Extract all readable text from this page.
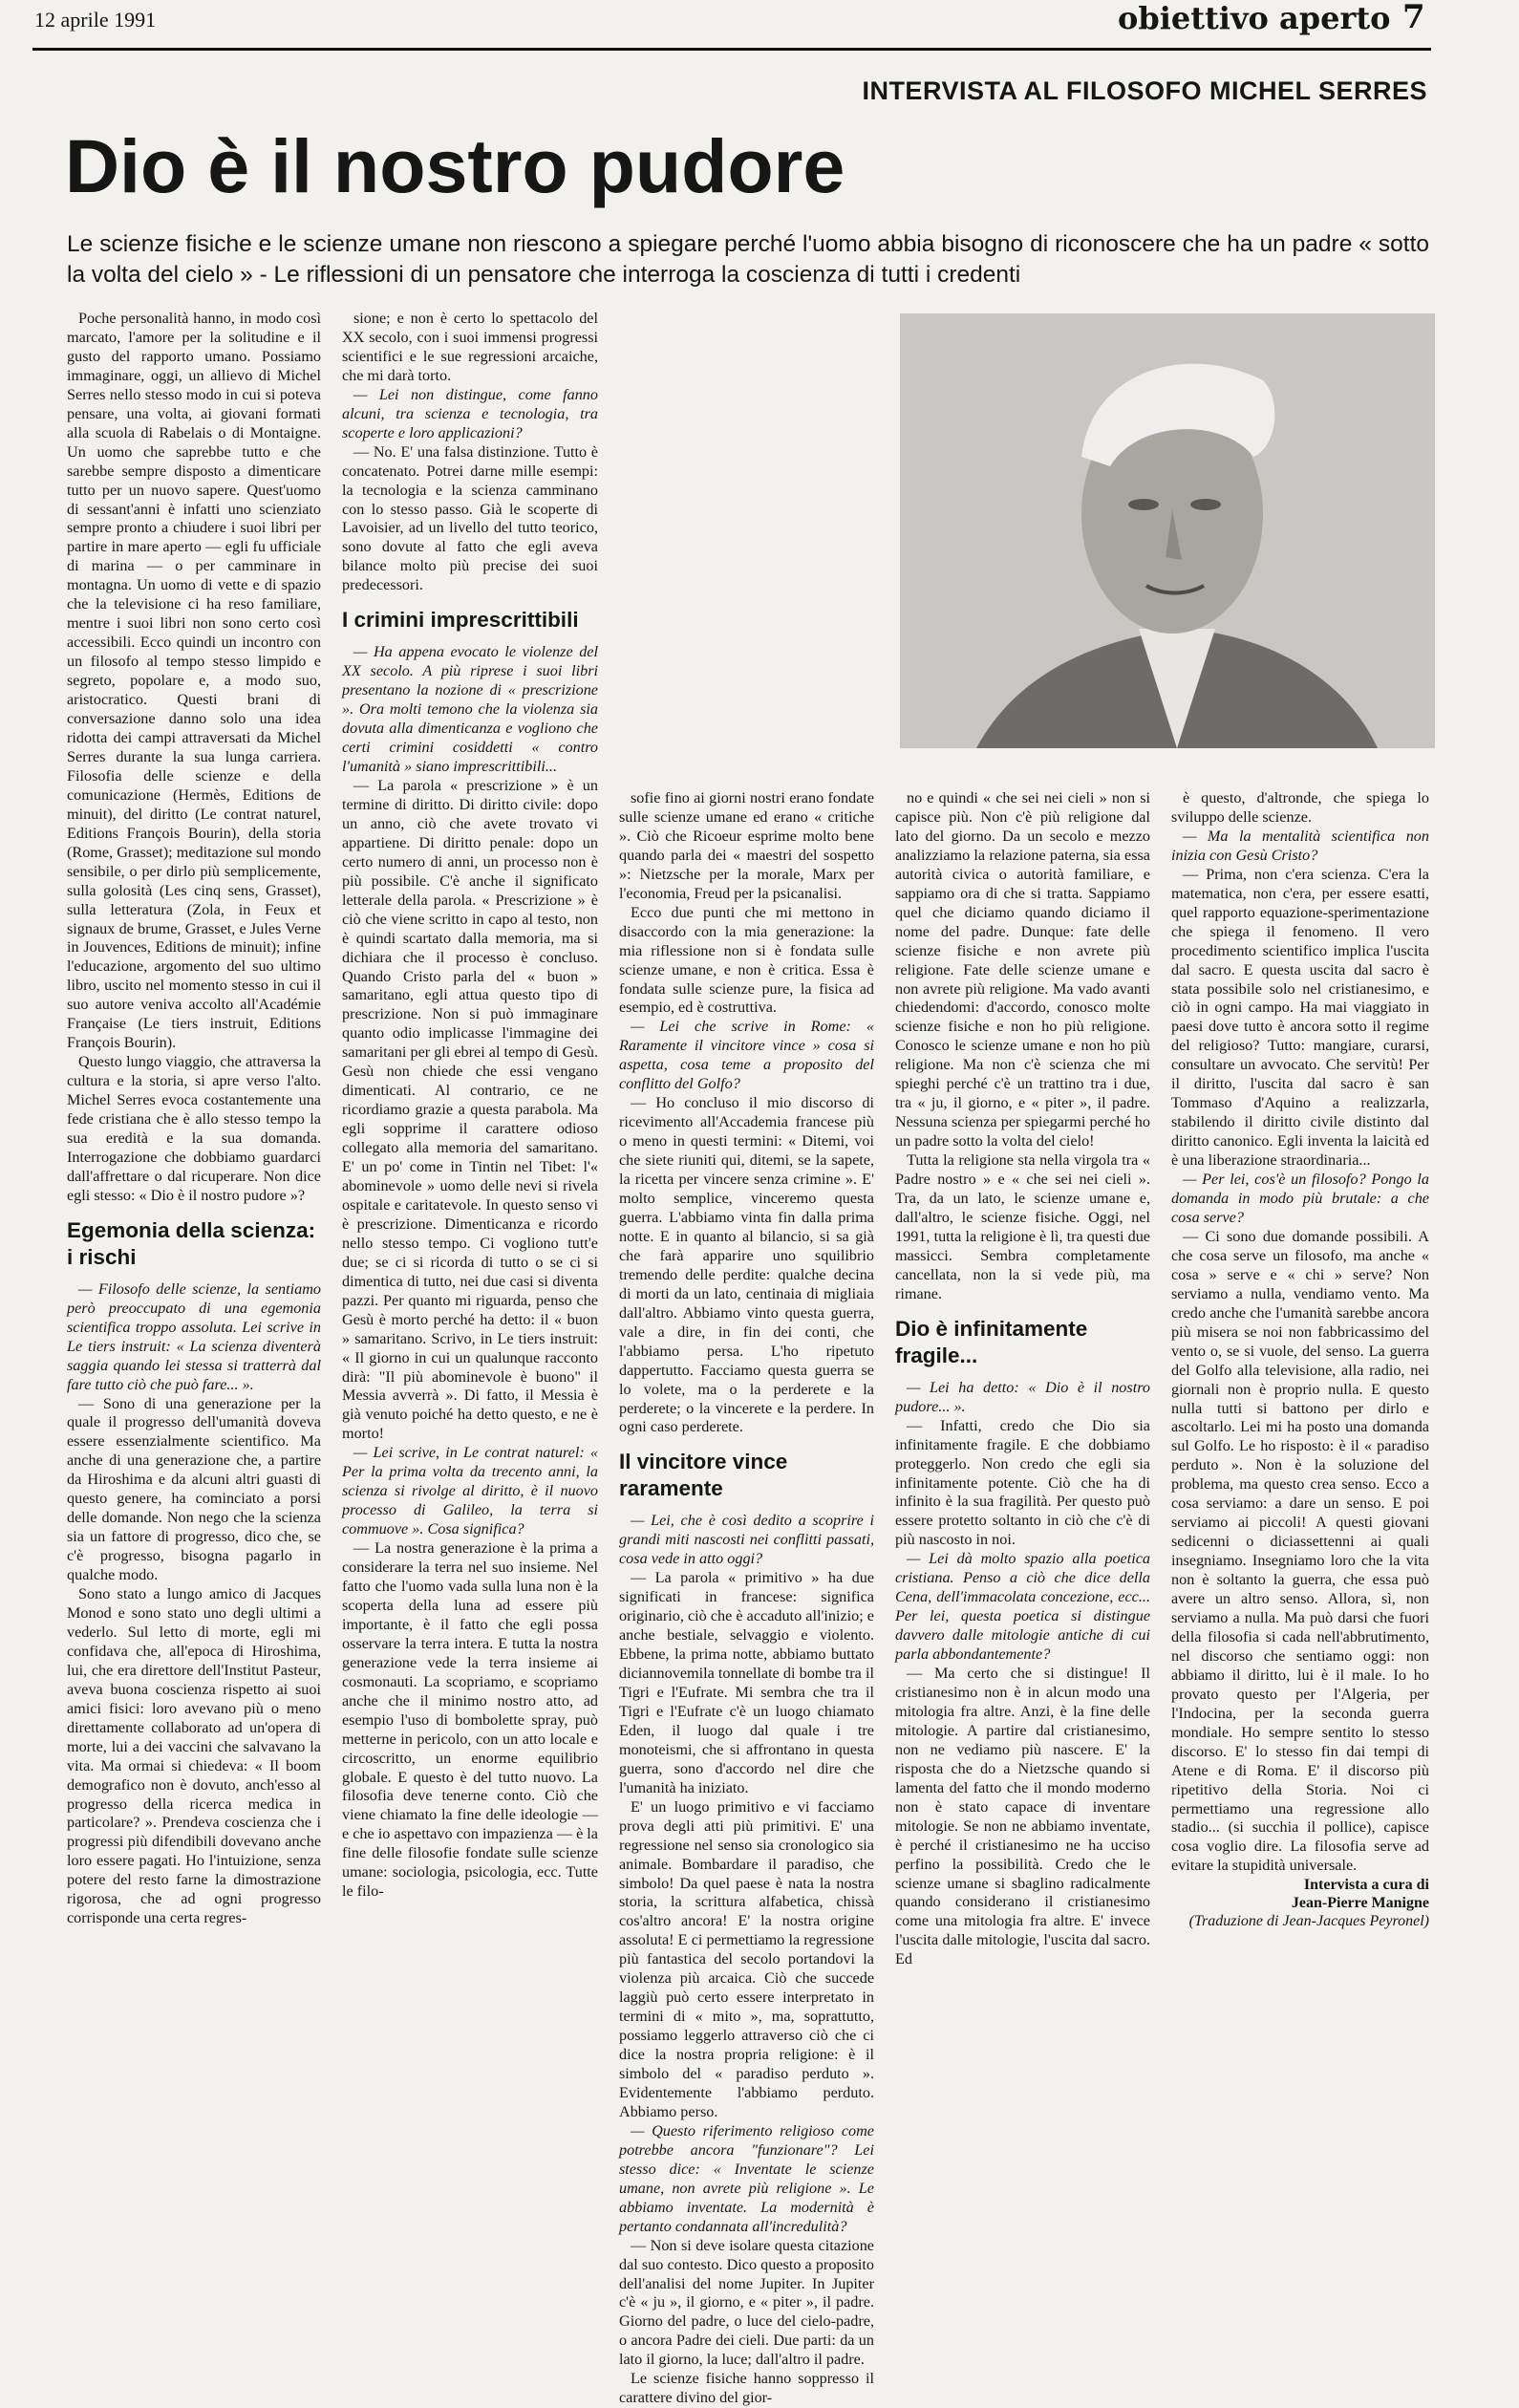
12 aprile 1991	obiettivo aperto 7
INTERVISTA AL FILOSOFO MICHEL SERRES
Dio è il nostro pudore

Le scienze fisiche e le scienze umane non riescono a spiegare perché l'uomo abbia bisogno di riconoscere che ha un padre « sotto la volta del cielo » - Le riflessioni di un pensatore che interroga la coscienza di tutti i credenti

Poche personalità hanno, in modo così marcato, l'amore per la solitudine e il gusto del rapporto umano. Possiamo immaginare, oggi, un allievo di Michel Serres nello stesso modo in cui si poteva pensare, una volta, ai giovani formati alla scuola di Rabelais o di Montaigne. Un uomo che saprebbe tutto e che sarebbe sempre disposto a dimenticare tutto per un nuovo sapere. Quest'uomo di sessant'anni è infatti uno scienziato sempre pronto a chiudere i suoi libri per partire in mare aperto — egli fu ufficiale di marina — o per camminare in montagna. Un uomo di vette e di spazio che la televisione ci ha reso familiare, mentre i suoi libri non sono certo così accessibili. Ecco quindi un incontro con un filosofo al tempo stesso limpido e segreto, popolare e, a modo suo, aristocratico. Questi brani di conversazione danno solo una idea ridotta dei campi attraversati da Michel Serres durante la sua lunga carriera. Filosofia delle scienze e della comunicazione (Hermès, Editions de minuit), del diritto (Le contrat naturel, Editions François Bourin), della storia (Rome, Grasset); meditazione sul mondo sensibile, o per dirlo più semplicemente, sulla golosità (Les cinq sens, Grasset), sulla letteratura (Zola, in Feux et signaux de brume, Grasset, e Jules Verne in Jouvences, Editions de minuit); infine l'educazione, argomento del suo ultimo libro, uscito nel momento stesso in cui il suo autore veniva accolto all'Académie Française (Le tiers instruit, Editions François Bourin).

Questo lungo viaggio, che attraversa la cultura e la storia, si apre verso l'alto. Michel Serres evoca costantemente una fede cristiana che è allo stesso tempo la sua eredità e la sua domanda. Interrogazione che dobbiamo guardarci dall'affrettare o dal ricuperare. Non dice egli stesso: « Dio è il nostro pudore »?

Egemonia della scienza: i rischi

— Filosofo delle scienze, la sentiamo però preoccupato di una egemonia scientifica troppo assoluta. Lei scrive in Le tiers instruit: « La scienza diventerà saggia quando lei stessa si tratterrà dal fare tutto ciò che può fare... ».

— Sono di una generazione per la quale il progresso dell'umanità doveva essere essenzialmente scientifico. Ma anche di una generazione che, a partire da Hiroshima e da alcuni altri guasti di questo genere, ha cominciato a porsi delle domande. Non nego che la scienza sia un fattore di progresso, dico che, se c'è progresso, bisogna pagarlo in qualche modo.

Sono stato a lungo amico di Jacques Monod e sono stato uno degli ultimi a vederlo. Sul letto di morte, egli mi confidava che, all'epoca di Hiroshima, lui, che era direttore dell'Institut Pasteur, aveva buona coscienza rispetto ai suoi amici fisici: loro avevano più o meno direttamente collaborato ad un'opera di morte, lui a dei vaccini che salvavano la vita. Ma ormai si chiedeva: « Il boom demografico non è dovuto, anch'esso al progresso della ricerca medica in particolare? ». Prendeva coscienza che i progressi più difendibili dovevano anche loro essere pagati. Ho l'intuizione, senza potere del resto farne la dimostrazione rigorosa, che ad ogni progresso corrisponde una certa regres-

sione; e non è certo lo spettacolo del XX secolo, con i suoi immensi progressi scientifici e le sue regressioni arcaiche, che mi darà torto.

— Lei non distingue, come fanno alcuni, tra scienza e tecnologia, tra scoperte e loro applicazioni?

— No. E' una falsa distinzione. Tutto è concatenato. Potrei darne mille esempi: la tecnologia e la scienza camminano con lo stesso passo. Già le scoperte di Lavoisier, ad un livello del tutto teorico, sono dovute al fatto che egli aveva bilance molto più precise dei suoi predecessori.

I crimini imprescrittibili

— Ha appena evocato le violenze del XX secolo. A più riprese i suoi libri presentano la nozione di « prescrizione ». Ora molti temono che la violenza sia dovuta alla dimenticanza e vogliono che certi crimini cosiddetti « contro l'umanità » siano imprescrittibili...

— La parola « prescrizione » è un termine di diritto. Di diritto civile: dopo un anno, ciò che avete trovato vi appartiene. Di diritto penale: dopo un certo numero di anni, un processo non è più possibile. C'è anche il significato letterale della parola. « Prescrizione » è ciò che viene scritto in capo al testo, non è quindi scartato dalla memoria, ma si dichiara che il processo è concluso. Quando Cristo parla del « buon » samaritano, egli attua questo tipo di prescrizione. Non si può immaginare quanto odio implicasse l'immagine dei samaritani per gli ebrei al tempo di Gesù. Gesù non chiede che essi vengano dimenticati. Al contrario, ce ne ricordiamo grazie a questa parabola. Ma egli sopprime il carattere odioso collegato alla memoria del samaritano. E' un po' come in Tintin nel Tibet: l'« abominevole » uomo delle nevi si rivela ospitale e caritatevole. In questo senso vi è prescrizione. Dimenticanza e ricordo nello stesso tempo. Ci vogliono tutt'e due; se ci si ricorda di tutto o se ci si dimentica di tutto, nei due casi si diventa pazzi. Per quanto mi riguarda, penso che Gesù è morto perché ha detto: il « buon » samaritano. Scrivo, in Le tiers instruit: « Il giorno in cui un qualunque racconto dirà: "Il più abominevole è buono" il Messia avverrà ». Di fatto, il Messia è già venuto poiché ha detto questo, e ne è morto!

— Lei scrive, in Le contrat naturel: « Per la prima volta da trecento anni, la scienza si rivolge al diritto, è il nuovo processo di Galileo, la terra si commuove ». Cosa significa?

— La nostra generazione è la prima a considerare la terra nel suo insieme. Nel fatto che l'uomo vada sulla luna non è la scoperta della luna ad essere più importante, è il fatto che egli possa osservare la terra intera. E tutta la nostra generazione vede la terra insieme ai cosmonauti. La scopriamo, e scopriamo anche che il minimo nostro atto, ad esempio l'uso di bombolette spray, può metterne in pericolo, con un atto locale e circoscritto, un enorme equilibrio globale. E questo è del tutto nuovo. La filosofia deve tenerne conto. Ciò che viene chiamato la fine delle ideologie — e che io aspettavo con impazienza — è la fine delle filosofie fondate sulle scienze umane: sociologia, psicologia, ecc. Tutte le filo-

sofie fino ai giorni nostri erano fondate sulle scienze umane ed erano « critiche ». Ciò che Ricoeur esprime molto bene quando parla dei « maestri del sospetto »: Nietzsche per la morale, Marx per l'economia, Freud per la psicanalisi.

Ecco due punti che mi mettono in disaccordo con la mia generazione: la mia riflessione non si è fondata sulle scienze umane, e non è critica. Essa è fondata sulle scienze pure, la fisica ad esempio, ed è costruttiva.

— Lei che scrive in Rome: « Raramente il vincitore vince » cosa si aspetta, cosa teme a proposito del conflitto del Golfo?

— Ho concluso il mio discorso di ricevimento all'Accademia francese più o meno in questi termini: « Ditemi, voi che siete riuniti qui, ditemi, se la sapete, la ricetta per vincere senza crimine ». E' molto semplice, vinceremo questa guerra. L'abbiamo vinta fin dalla prima notte. E in quanto al bilancio, si sa già che farà apparire uno squilibrio tremendo delle perdite: qualche decina di morti da un lato, centinaia di migliaia dall'altro. Abbiamo vinto questa guerra, vale a dire, in fin dei conti, che l'abbiamo persa. L'ho ripetuto dappertutto. Facciamo questa guerra se lo volete, ma o la perderete e la perderete; o la vincerete e la perdere. In ogni caso perderete.

Il vincitore vince raramente

— Lei, che è così dedito a scoprire i grandi miti nascosti nei conflitti passati, cosa vede in atto oggi?

— La parola « primitivo » ha due significati in francese: significa originario, ciò che è accaduto all'inizio; e anche bestiale, selvaggio e violento. Ebbene, la prima notte, abbiamo buttato diciannovemila tonnellate di bombe tra il Tigri e l'Eufrate. Mi sembra che tra il Tigri e l'Eufrate c'è un luogo chiamato Eden, il luogo dal quale i tre monoteismi, che si affrontano in questa guerra, sono d'accordo nel dire che l'umanità ha iniziato.

E' un luogo primitivo e vi facciamo prova degli atti più primitivi. E' una regressione nel senso sia cronologico sia animale. Bombardare il paradiso, che simbolo! Da quel paese è nata la nostra storia, la scrittura alfabetica, chissà cos'altro ancora! E' la nostra origine assoluta! E ci permettiamo la regressione più fantastica del secolo portandovi la violenza più arcaica. Ciò che succede laggiù può certo essere interpretato in termini di « mito », ma, soprattutto, possiamo leggerlo attraverso ciò che ci dice la nostra propria religione: è il simbolo del « paradiso perduto ». Evidentemente l'abbiamo perduto. Abbiamo perso.

— Questo riferimento religioso come potrebbe ancora "funzionare"? Lei stesso dice: « Inventate le scienze umane, non avrete più religione ». Le abbiamo inventate. La modernità è pertanto condannata all'incredulità?

— Non si deve isolare questa citazione dal suo contesto. Dico questo a proposito dell'analisi del nome Jupiter. In Jupiter c'è « ju », il giorno, e « piter », il padre. Giorno del padre, o luce del cielo-padre, o ancora Padre dei cieli. Due parti: da un lato il giorno, la luce; dall'altro il padre.

Le scienze fisiche hanno soppresso il carattere divino del gior-

no e quindi « che sei nei cieli » non si capisce più. Non c'è più religione dal lato del giorno. Da un secolo e mezzo analizziamo la relazione paterna, sia essa autorità civica o autorità familiare, e sappiamo ora di che si tratta. Sappiamo quel che diciamo quando diciamo il nome del padre. Dunque: fate delle scienze fisiche e non avrete più religione. Fate delle scienze umane e non avrete più religione. Ma vado avanti chiedendomi: d'accordo, conosco molte scienze fisiche e non ho più religione. Conosco le scienze umane e non ho più religione. Ma non c'è scienza che mi spieghi perché c'è un trattino tra i due, tra « ju, il giorno, e « piter », il padre. Nessuna scienza per spiegarmi perché ho un padre sotto la volta del cielo!

Tutta la religione sta nella virgola tra « Padre nostro » e « che sei nei cieli ». Tra, da un lato, le scienze umane e, dall'altro, le scienze fisiche. Oggi, nel 1991, tutta la religione è lì, tra questi due massicci. Sembra completamente cancellata, non la si vede più, ma rimane.

Dio è infinitamente fragile...

— Lei ha detto: « Dio è il nostro pudore... ».

— Infatti, credo che Dio sia infinitamente fragile. E che dobbiamo proteggerlo. Non credo che egli sia infinitamente potente. Ciò che ha di infinito è la sua fragilità. Per questo può essere protetto soltanto in ciò che c'è di più nascosto in noi.

— Lei dà molto spazio alla poetica cristiana. Penso a ciò che dice della Cena, dell'immacolata concezione, ecc... Per lei, questa poetica si distingue davvero dalle mitologie antiche di cui parla abbondantemente?

— Ma certo che si distingue! Il cristianesimo non è in alcun modo una mitologia fra altre. Anzi, è la fine delle mitologie. A partire dal cristianesimo, non ne vediamo più nascere. E' la risposta che do a Nietzsche quando si lamenta del fatto che il mondo moderno non è stato capace di inventare mitologie. Se non ne abbiamo inventate, è perché il cristianesimo ne ha ucciso perfino la possibilità. Credo che le scienze umane si sbaglino radicalmente quando considerano il cristianesimo come una mitologia fra altre. E' invece l'uscita dalle mitologie, l'uscita dal sacro. Ed

è questo, d'altronde, che spiega lo sviluppo delle scienze.

— Ma la mentalità scientifica non inizia con Gesù Cristo?

— Prima, non c'era scienza. C'era la matematica, non c'era, per essere esatti, quel rapporto equazione-sperimentazione che spiega il fenomeno. Il vero procedimento scientifico implica l'uscita dal sacro. E questa uscita dal sacro è stata possibile solo nel cristianesimo, e ciò in ogni campo. Ha mai viaggiato in paesi dove tutto è ancora sotto il regime del religioso? Tutto: mangiare, curarsi, consultare un avvocato. Che servitù! Per il diritto, l'uscita dal sacro è san Tommaso d'Aquino a realizzarla, stabilendo il diritto civile distinto dal diritto canonico. Egli inventa la laicità ed è una liberazione straordinaria...

— Per lei, cos'è un filosofo? Pongo la domanda in modo più brutale: a che cosa serve?

— Ci sono due domande possibili. A che cosa serve un filosofo, ma anche « cosa » serve e « chi » serve? Non serviamo a nulla, vendiamo vento. Ma credo anche che l'umanità sarebbe ancora più misera se noi non fabbricassimo del vento o, se si vuole, del senso. La guerra del Golfo alla televisione, alla radio, nei giornali non è proprio nulla. E questo nulla tutti si battono per dirlo e ascoltarlo. Lei mi ha posto una domanda sul Golfo. Le ho risposto: è il « paradiso perduto ». Non è la soluzione del problema, ma questo crea senso. Ecco a cosa serviamo: a dare un senso. E poi serviamo ai piccoli! A questi giovani sedicenni o diciassettenni ai quali insegniamo. Insegniamo loro che la vita non è soltanto la guerra, che essa può avere un altro senso. Allora, sì, non serviamo a nulla. Ma può darsi che fuori della filosofia si cada nell'abbrutimento, nel discorso che sentiamo oggi: non abbiamo il diritto, lui è il male. Io ho provato questo per l'Algeria, per l'Indocina, per la seconda guerra mondiale. Ho sempre sentito lo stesso discorso. E' lo stesso fin dai tempi di Atene e di Roma. E' il discorso più ripetitivo della Storia. Noi ci permettiamo una regressione allo stadio... (si succhia il pollice), capisce cosa voglio dire. La filosofia serve ad evitare la stupidità universale.

Intervista a cura di
Jean-Pierre Manigne
(Traduzione di Jean-Jacques Peyronel)
